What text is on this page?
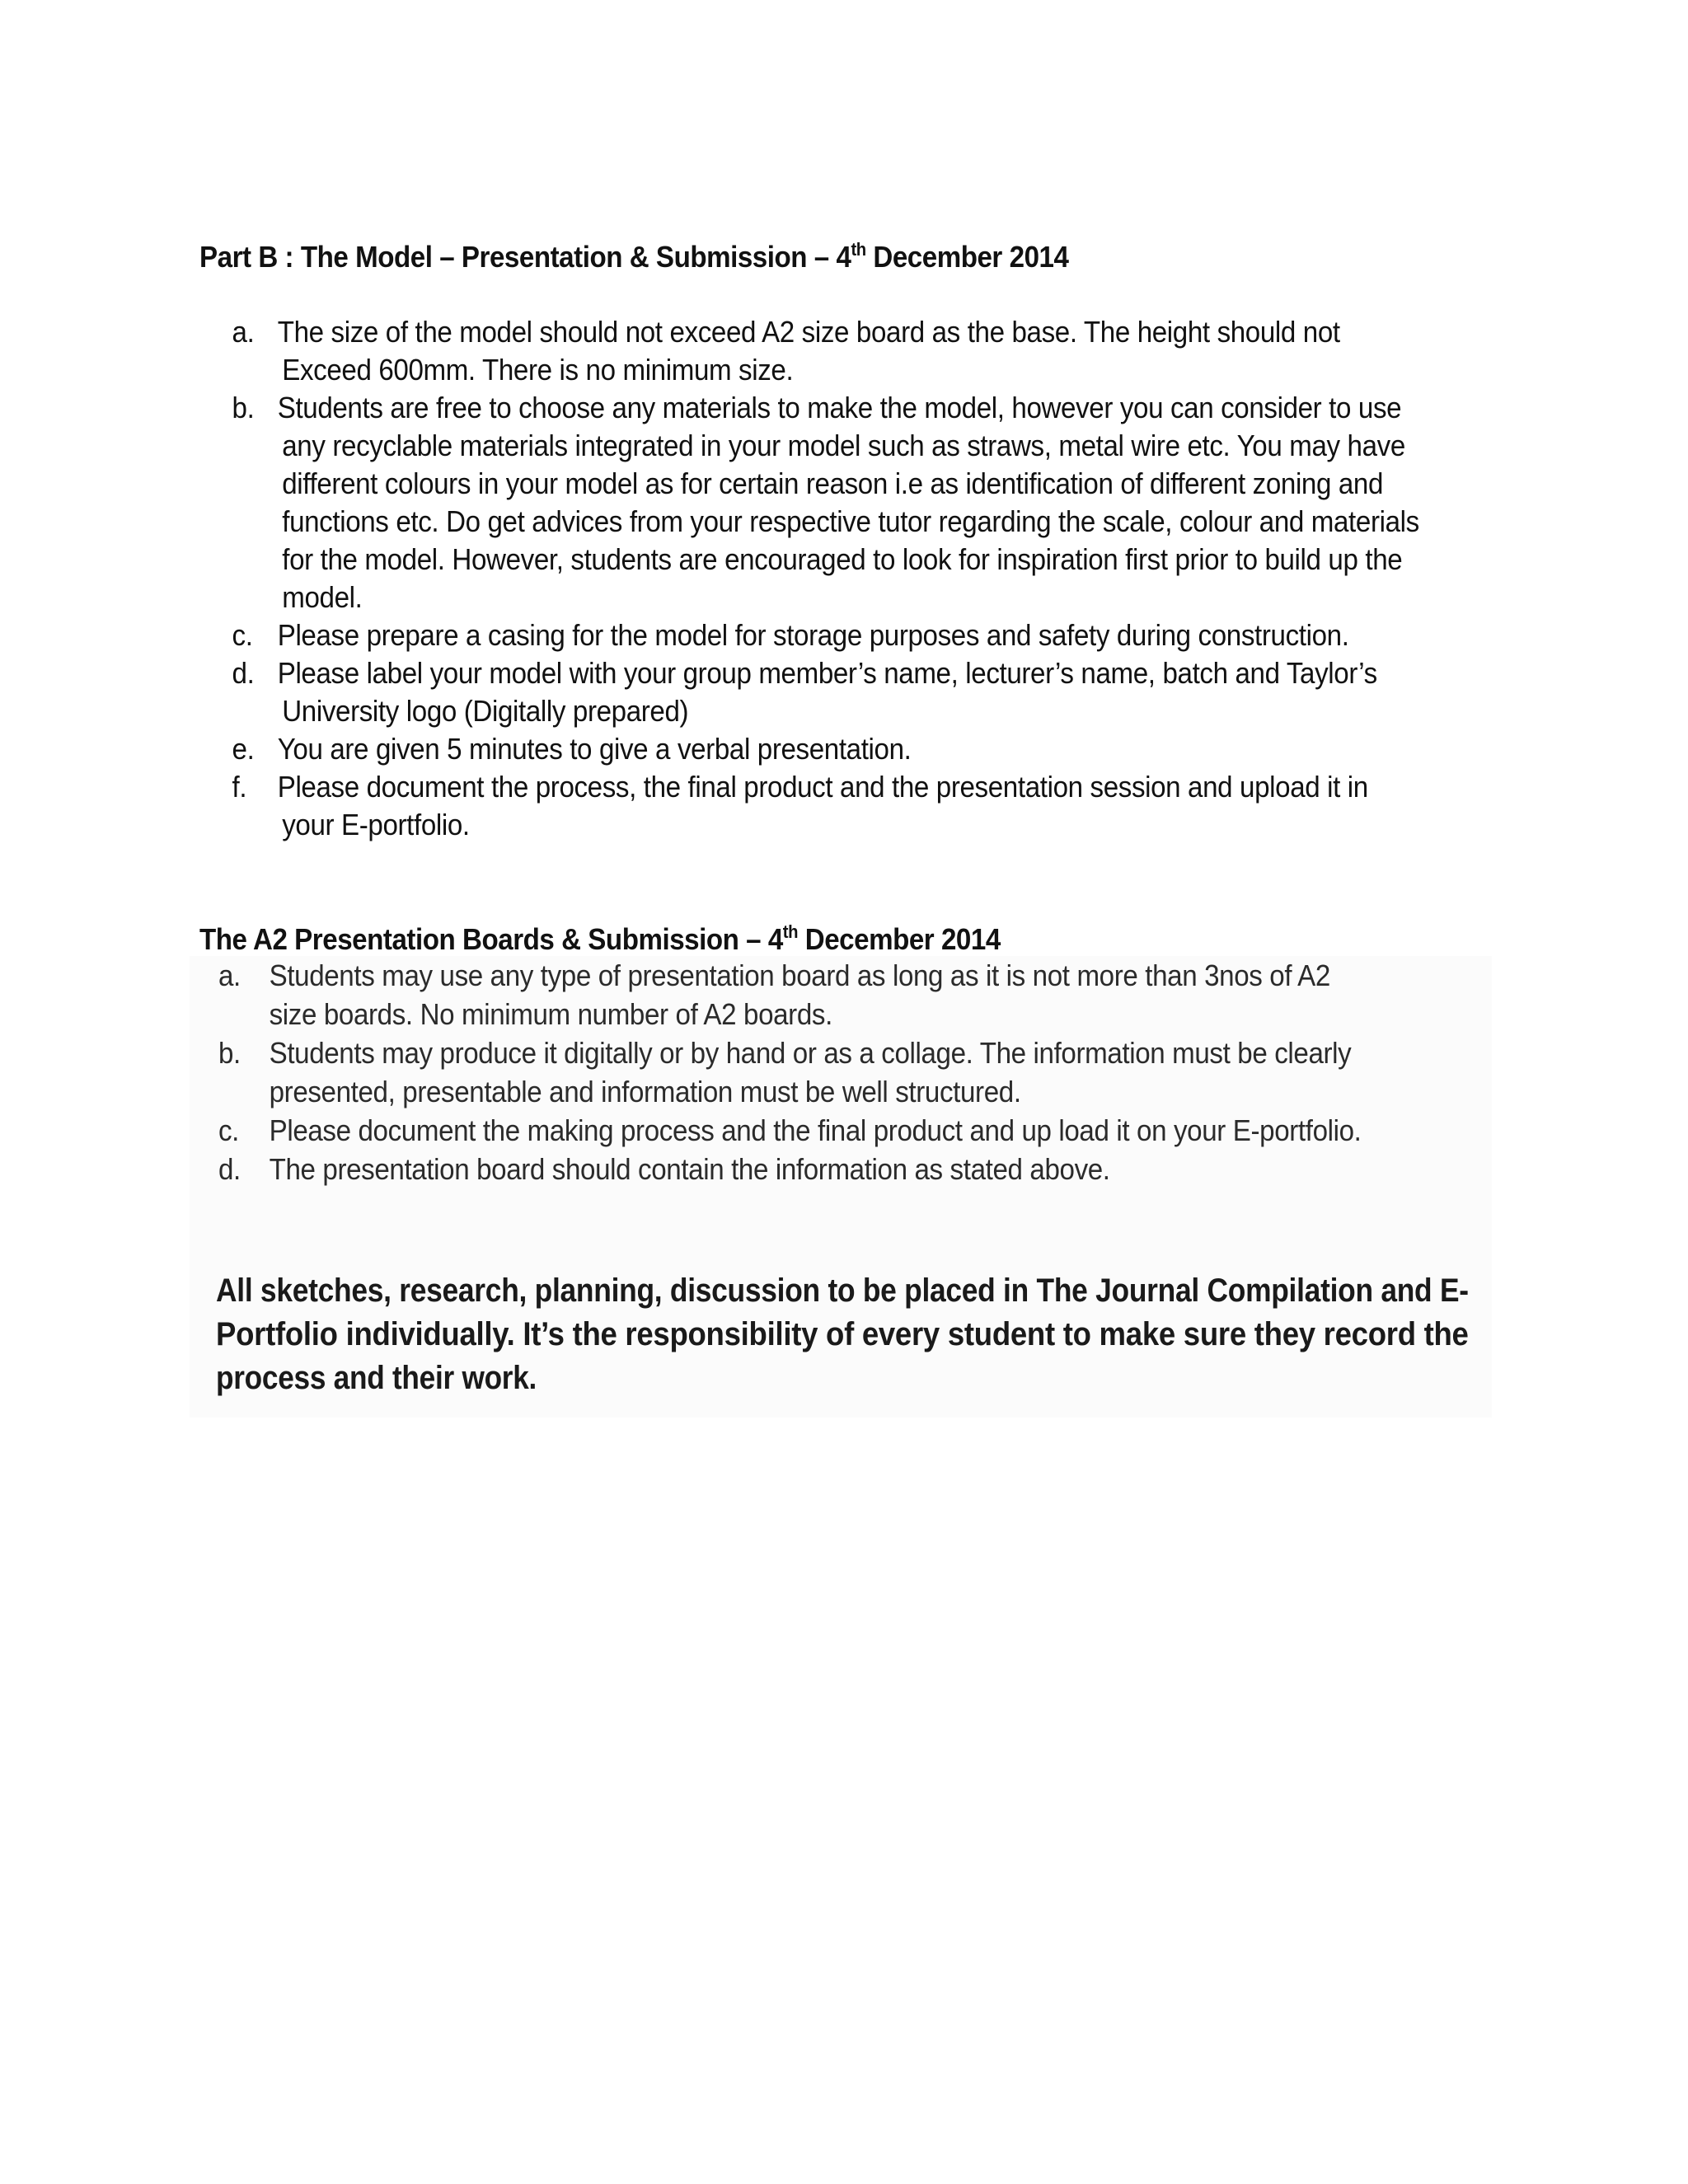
Part B : The Model – Presentation & Submission – 4th December 2014
a. The size of the model should not exceed A2 size board as the base. The height should not
Exceed 600mm. There is no minimum size.
b. Students are free to choose any materials to make the model, however you can consider to use
any recyclable materials integrated in your model such as straws, metal wire etc. You may have
different colours in your model as for certain reason i.e as identification of different zoning and
functions etc. Do get advices from your respective tutor regarding the scale, colour and materials
for the model. However, students are encouraged to look for inspiration first prior to build up the
model.
c. Please prepare a casing for the model for storage purposes and safety during construction.
d. Please label your model with your group member’s name, lecturer’s name, batch and Taylor’s
University logo (Digitally prepared)
e. You are given 5 minutes to give a verbal presentation.
f. Please document the process, the final product and the presentation session and upload it in
your E-portfolio.
The A2 Presentation Boards & Submission – 4th December 2014
a. Students may use any type of presentation board as long as it is not more than 3nos of A2
size boards. No minimum number of A2 boards.
b. Students may produce it digitally or by hand or as a collage. The information must be clearly
presented, presentable and information must be well structured.
c. Please document the making process and the final product and up load it on your E-portfolio.
d. The presentation board should contain the information as stated above.
All sketches, research, planning, discussion to be placed in The Journal Compilation and E-
Portfolio individually. It’s the responsibility of every student to make sure they record the
process and their work.
